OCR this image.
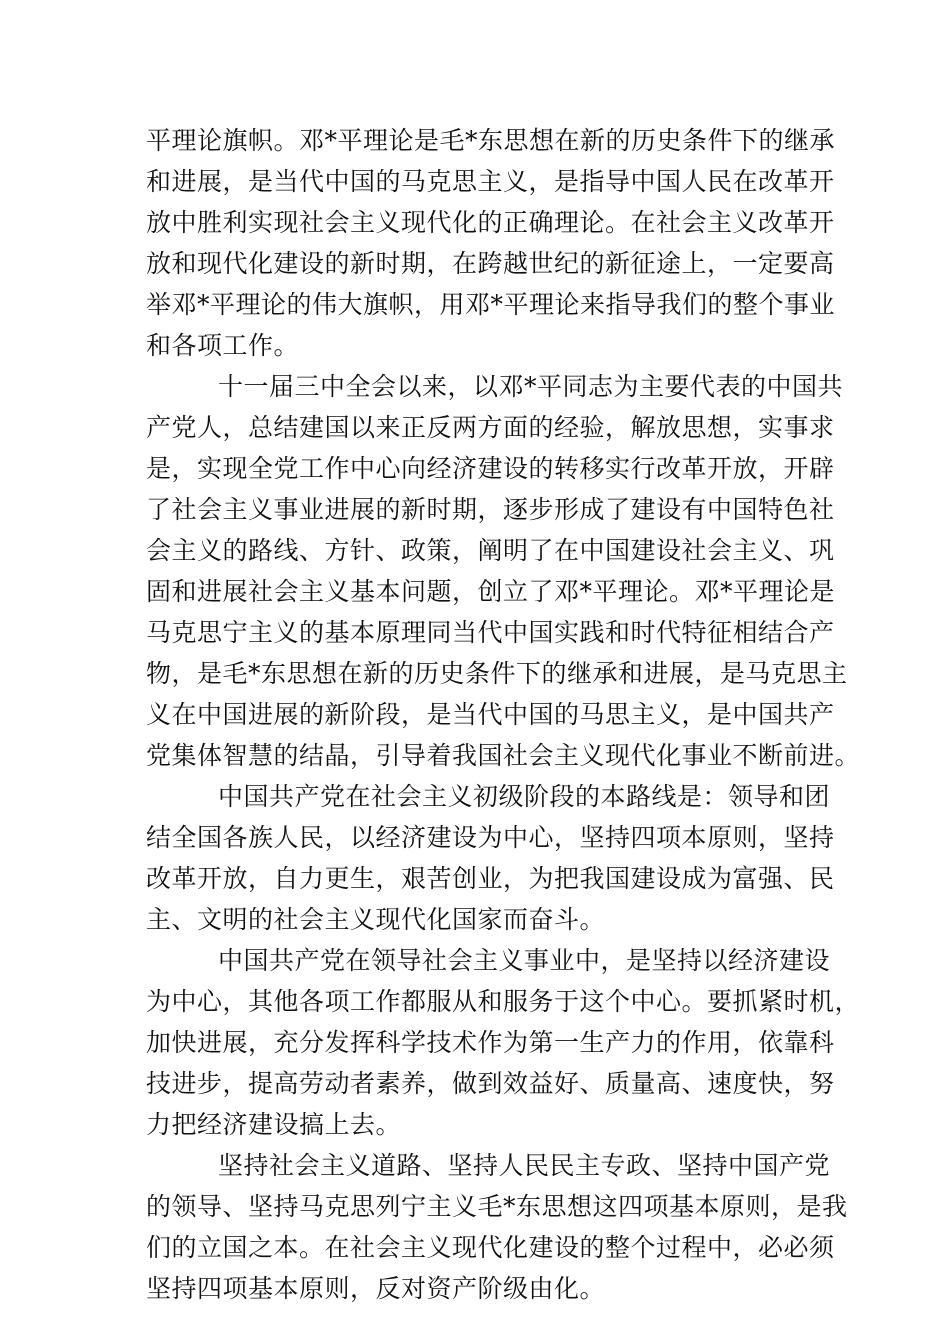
平理论旗帜。邓*平理论是毛*东思想在新的历史条件下的继承
和进展，是当代中国的马克思主义，是指导中国人民在改革开
放中胜利实现社会主义现代化的正确理论。在社会主义改革开
放和现代化建设的新时期，在跨越世纪的新征途上，一定要高
举邓*平理论的伟大旗帜，用邓*平理论来指导我们的整个事业
和各项工作。
十一届三中全会以来，以邓*平同志为主要代表的中国共
产党人，总结建国以来正反两方面的经验，解放思想，实事求
是，实现全党工作中心向经济建设的转移实行改革开放，开辟
了社会主义事业进展的新时期，逐步形成了建设有中国特色社
会主义的路线、方针、政策，阐明了在中国建设社会主义、巩
固和进展社会主义基本问题，创立了邓*平理论。邓*平理论是
马克思宁主义的基本原理同当代中国实践和时代特征相结合产
物，是毛*东思想在新的历史条件下的继承和进展，是马克思主
义在中国进展的新阶段，是当代中国的马思主义，是中国共产
党集体智慧的结晶，引导着我国社会主义现代化事业不断前进。
中国共产党在社会主义初级阶段的本路线是：领导和团
结全国各族人民，以经济建设为中心，坚持四项本原则，坚持
改革开放，自力更生，艰苦创业，为把我国建设成为富强、民
主、文明的社会主义现代化国家而奋斗。
中国共产党在领导社会主义事业中，是坚持以经济建设
为中心，其他各项工作都服从和服务于这个中心。要抓紧时机，
加快进展，充分发挥科学技术作为第一生产力的作用，依靠科
技进步，提高劳动者素养，做到效益好、质量高、速度快，努
力把经济建设搞上去。
坚持社会主义道路、坚持人民民主专政、坚持中国产党
的领导、坚持马克思列宁主义毛*东思想这四项基本原则，是我
们的立国之本。在社会主义现代化建设的整个过程中，必必须
坚持四项基本原则，反对资产阶级由化。
